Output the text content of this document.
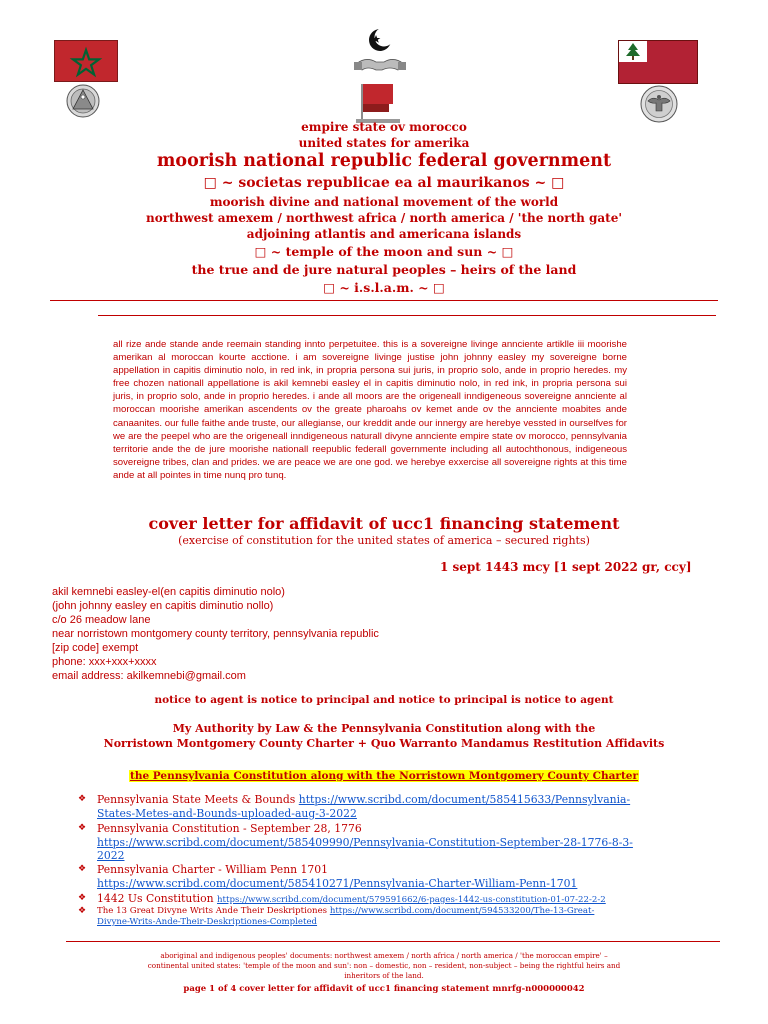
empire state ov morocco
united states for amerika
moorish national republic federal government
□ ~ societas republicae ea al maurikanos ~ □
moorish divine and national movement of the world
northwest amexem / northwest africa / north america / 'the north gate'
adjoining atlantis and americana islands
□ ~ temple of the moon and sun ~ □
the true and de jure natural peoples – heirs of the land
□ ~ i.s.l.a.m. ~ □
all rize ande stande ande reemain standing innto perpetuitee. this is a sovereigne livinge annciente artiklle iii moorishe amerikan al moroccan kourte acctione. i am sovereigne livinge justise john johnny easley my sovereigne borne appellation in capitis diminutio nolo, in red ink, in propria persona sui juris, in proprio solo, ande in proprio heredes. my free chozen nationall appellatione is akil kemnebi easley el in capitis diminutio nolo, in red ink, in propria persona sui juris, in proprio solo, ande in proprio heredes. i ande all moors are the origeneall inndigeneous sovereigne annciente al moroccan moorishe amerikan ascendents ov the greate pharoahs ov kemet ande ov the annciente moabites ande canaanites. our fulle faithe ande truste, our allegianse, our kreddit ande our innergy are herebye vessted in ourselfves for we are the peepel who are the origeneall inndigeneous naturall divyne annciente empire state ov morocco, pennsylvania territorie ande the de jure moorishe nationall reepublic federall governmente including all autochthonous, indigeneous sovereigne tribes, clan and prides. we are peace we are one god. we herebye exxercise all sovereigne rights at this time ande at all pointes in time nunq pro tunq.
cover letter for affidavit of ucc1 financing statement
(exercise of constitution for the united states of america – secured rights)
1 sept 1443 mcy [1 sept 2022 gr, ccy]
akil kemnebi easley-el(en capitis diminutio nolo)
(john johnny easley en capitis diminutio nollo)
c/o 26 meadow lane
near norristown montgomery county territory, pennsylvania republic
[zip code] exempt
phone: xxx+xxx+xxxx
email address: akilkemnebi@gmail.com
notice to agent is notice to principal and notice to principal is notice to agent
My Authority by Law & the Pennsylvania Constitution along with the
Norristown Montgomery County Charter + Quo Warranto Mandamus Restitution Affidavits
the Pennsylvania Constitution along with the Norristown Montgomery County Charter
❖ Pennsylvania State Meets & Bounds https://www.scribd.com/document/585415633/Pennsylvania-
States-Metes-and-Bounds-uploaded-aug-3-2022
❖ Pennsylvania Constitution - September 28, 1776
https://www.scribd.com/document/585409990/Pennsylvania-Constitution-September-28-1776-8-3-
2022
❖ Pennsylvania Charter - William Penn 1701
https://www.scribd.com/document/585410271/Pennsylvania-Charter-William-Penn-1701
❖ 1442 Us Constitution https://www.scribd.com/document/579591662/6-pages-1442-us-constitution-01-07-22-2-2
❖ The 13 Great Divyne Writs Ande Their Deskriptiones https://www.scribd.com/document/594533200/The-13-Great-
Divyne-Writs-Ande-Their-Deskriptiones-Completed
aboriginal and indigenous peoples' documents: northwest amexem / north africa / north america / 'the moroccan empire' –
continental united states: 'temple of the moon and sun': non – domestic, non – resident, non-subject – being the rightful heirs and
inheritors of the land.
page 1 of 4 cover letter for affidavit of ucc1 financing statement mnrfg-n000000042
